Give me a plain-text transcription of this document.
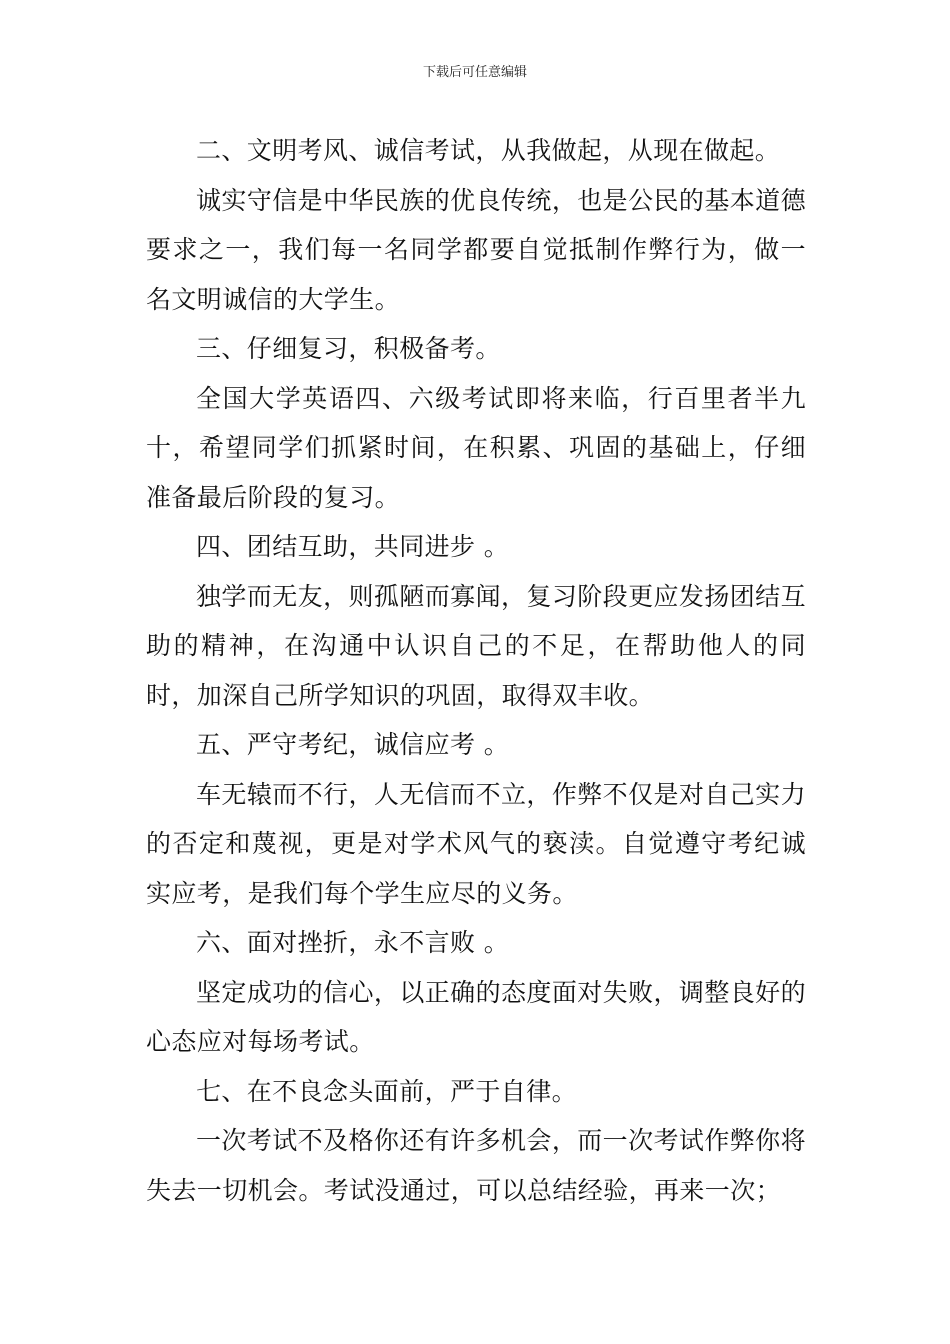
下载后可任意编辑

二、文明考风、诚信考试，从我做起，从现在做起。

诚实守信是中华民族的优良传统，也是公民的基本道德要求之一，我们每一名同学都要自觉抵制作弊行为，做一名文明诚信的大学生。

三、仔细复习，积极备考。

全国大学英语四、六级考试即将来临，行百里者半九十，希望同学们抓紧时间，在积累、巩固的基础上，仔细准备最后阶段的复习。

四、团结互助，共同进步 。

独学而无友，则孤陋而寡闻，复习阶段更应发扬团结互助的精神，在沟通中认识自己的不足，在帮助他人的同时，加深自己所学知识的巩固，取得双丰收。

五、严守考纪，诚信应考 。

车无辕而不行，人无信而不立，作弊不仅是对自己实力的否定和蔑视，更是对学术风气的亵渎。自觉遵守考纪诚实应考，是我们每个学生应尽的义务。

六、面对挫折，永不言败 。

坚定成功的信心，以正确的态度面对失败，调整良好的心态应对每场考试。

七、在不良念头面前，严于自律。

一次考试不及格你还有许多机会，而一次考试作弊你将失去一切机会。考试没通过，可以总结经验，再来一次；
